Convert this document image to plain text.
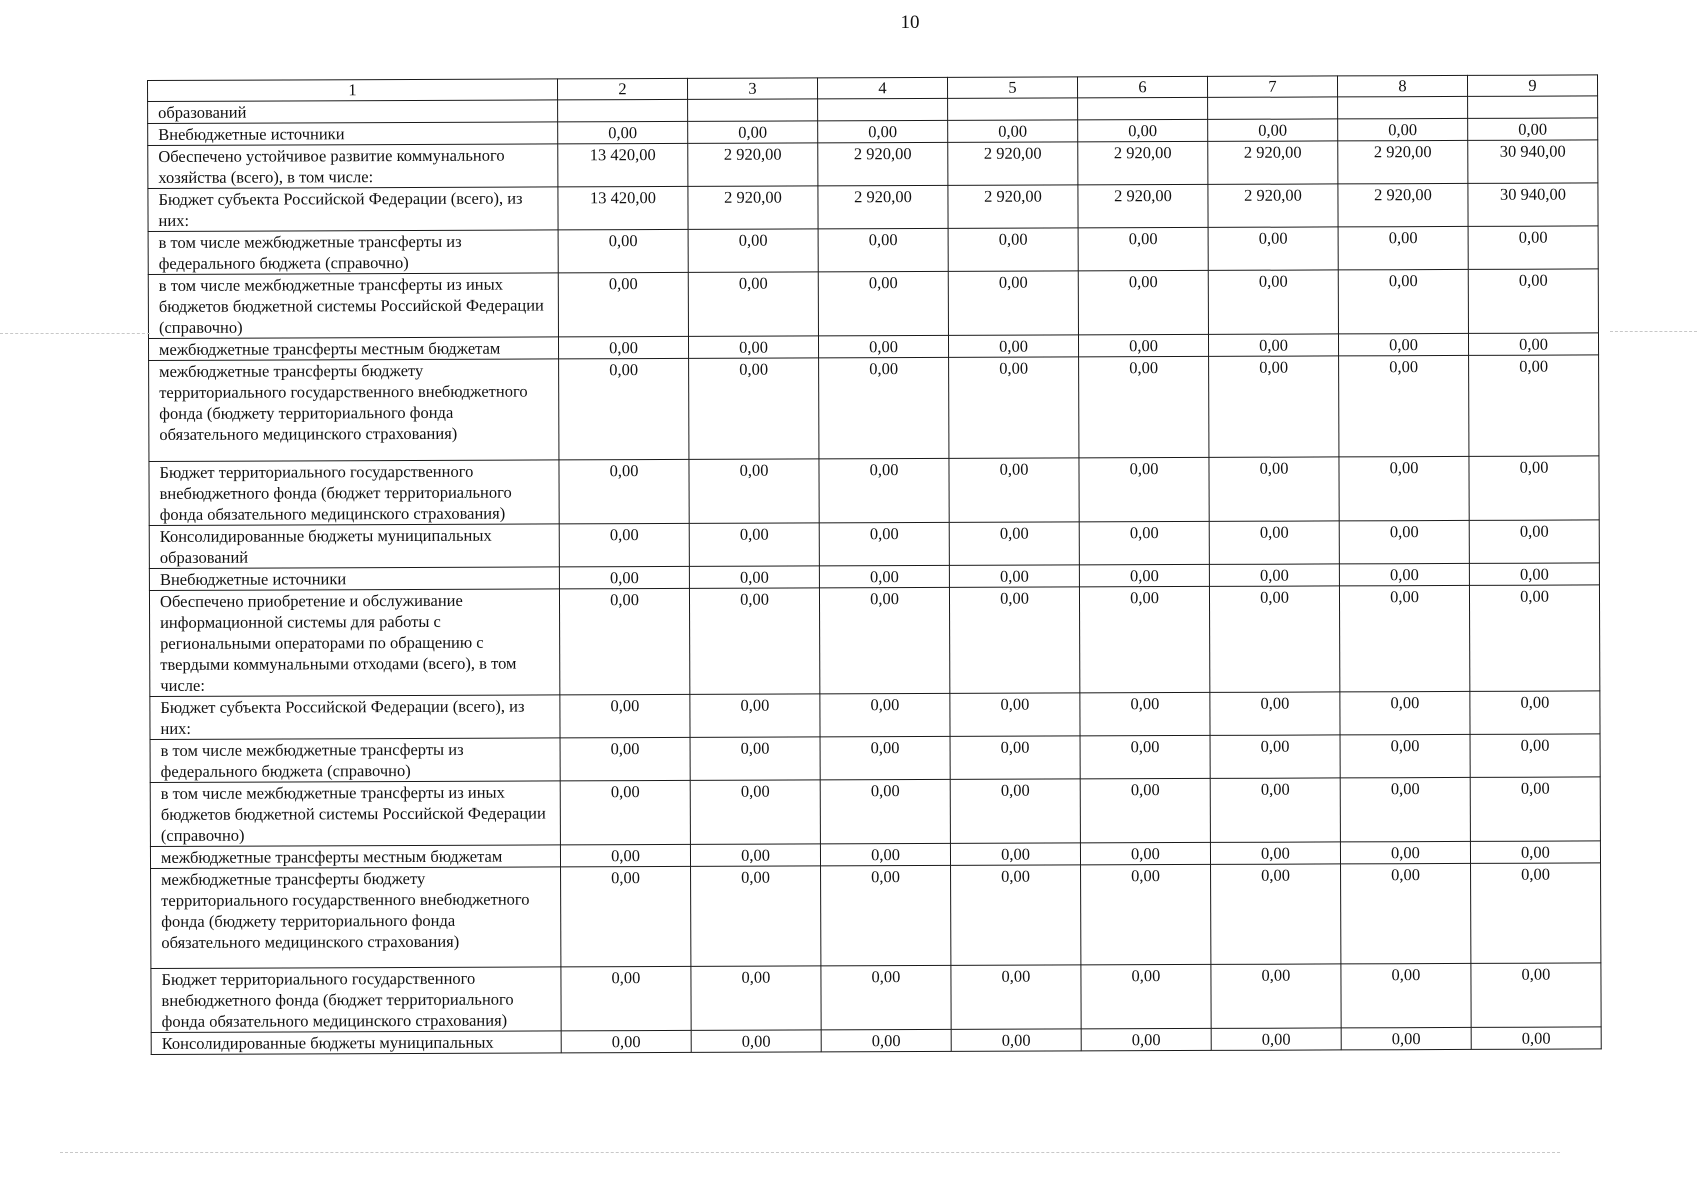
10
1	2	3	4	5	6	7	8	9
образований								
Внебюджетные источники	0,00	0,00	0,00	0,00	0,00	0,00	0,00	0,00
Обеспечено устойчивое развитие коммунального хозяйства (всего), в том числе:	13 420,00	2 920,00	2 920,00	2 920,00	2 920,00	2 920,00	2 920,00	30 940,00
Бюджет субъекта Российской Федерации (всего), из них:	13 420,00	2 920,00	2 920,00	2 920,00	2 920,00	2 920,00	2 920,00	30 940,00
в том числе межбюджетные трансферты из федерального бюджета (справочно)	0,00	0,00	0,00	0,00	0,00	0,00	0,00	0,00
в том числе межбюджетные трансферты из иных бюджетов бюджетной системы Российской Федерации (справочно)	0,00	0,00	0,00	0,00	0,00	0,00	0,00	0,00
межбюджетные трансферты местным бюджетам	0,00	0,00	0,00	0,00	0,00	0,00	0,00	0,00
межбюджетные трансферты бюджету территориального государственного внебюджетного фонда (бюджету территориального фонда обязательного медицинского страхования)	0,00	0,00	0,00	0,00	0,00	0,00	0,00	0,00
Бюджет территориального государственного внебюджетного фонда (бюджет территориального фонда обязательного медицинского страхования)	0,00	0,00	0,00	0,00	0,00	0,00	0,00	0,00
Консолидированные бюджеты муниципальных образований	0,00	0,00	0,00	0,00	0,00	0,00	0,00	0,00
Внебюджетные источники	0,00	0,00	0,00	0,00	0,00	0,00	0,00	0,00
Обеспечено приобретение и обслуживание информационной системы для работы с региональными операторами по обращению с твердыми коммунальными отходами (всего), в том числе:	0,00	0,00	0,00	0,00	0,00	0,00	0,00	0,00
Бюджет субъекта Российской Федерации (всего), из них:	0,00	0,00	0,00	0,00	0,00	0,00	0,00	0,00
в том числе межбюджетные трансферты из федерального бюджета (справочно)	0,00	0,00	0,00	0,00	0,00	0,00	0,00	0,00
в том числе межбюджетные трансферты из иных бюджетов бюджетной системы Российской Федерации (справочно)	0,00	0,00	0,00	0,00	0,00	0,00	0,00	0,00
межбюджетные трансферты местным бюджетам	0,00	0,00	0,00	0,00	0,00	0,00	0,00	0,00
межбюджетные трансферты бюджету территориального государственного внебюджетного фонда (бюджету территориального фонда обязательного медицинского страхования)	0,00	0,00	0,00	0,00	0,00	0,00	0,00	0,00
Бюджет территориального государственного внебюджетного фонда (бюджет территориального фонда обязательного медицинского страхования)	0,00	0,00	0,00	0,00	0,00	0,00	0,00	0,00
Консолидированные бюджеты муниципальных	0,00	0,00	0,00	0,00	0,00	0,00	0,00	0,00
